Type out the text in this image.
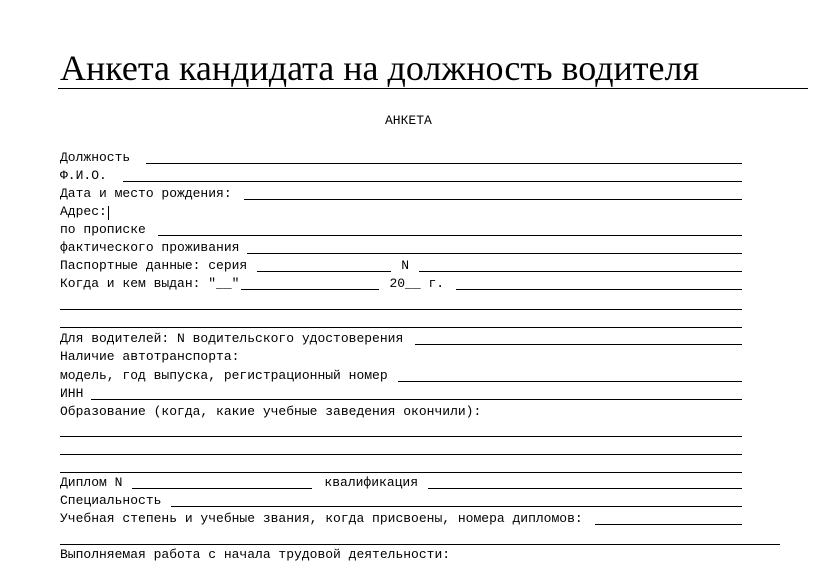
Анкета кандидата на должность водителя
АНКЕТА
Должность
Ф.И.О.
Дата и место рождения:
Адрес:
по прописке
фактического проживания
Паспортные данные: серия	N
Когда и кем выдан: "__"	20__ г.
Для водителей: N водительского удостоверения
Наличие автотранспорта:
модель, год выпуска, регистрационный номер
ИНН
Образование (когда, какие учебные заведения окончили):
Диплом N	квалификация
Специальность
Учебная степень и учебные звания, когда присвоены, номера дипломов:
Выполняемая работа с начала трудовой деятельности:
